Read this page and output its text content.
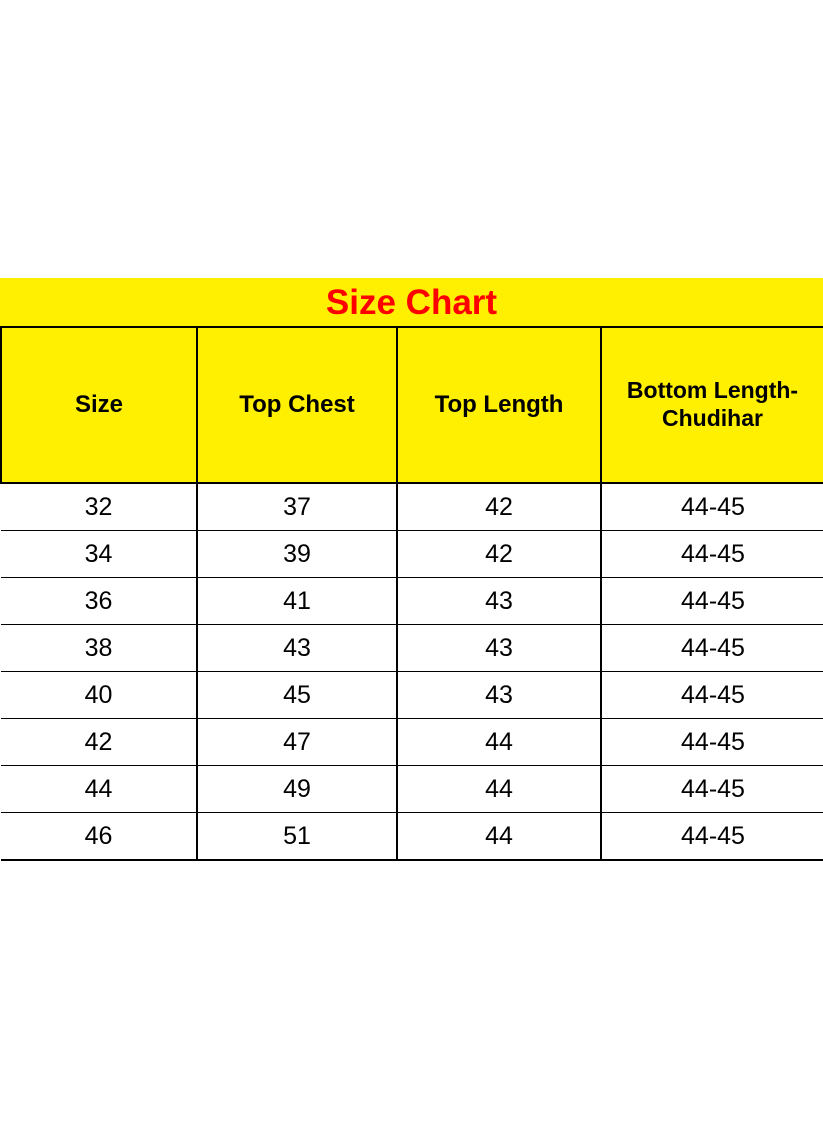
Size Chart
Size	Top Chest	Top Length	Bottom Length-Chudihar
32	37	42	44-45
34	39	42	44-45
36	41	43	44-45
38	43	43	44-45
40	45	43	44-45
42	47	44	44-45
44	49	44	44-45
46	51	44	44-45
